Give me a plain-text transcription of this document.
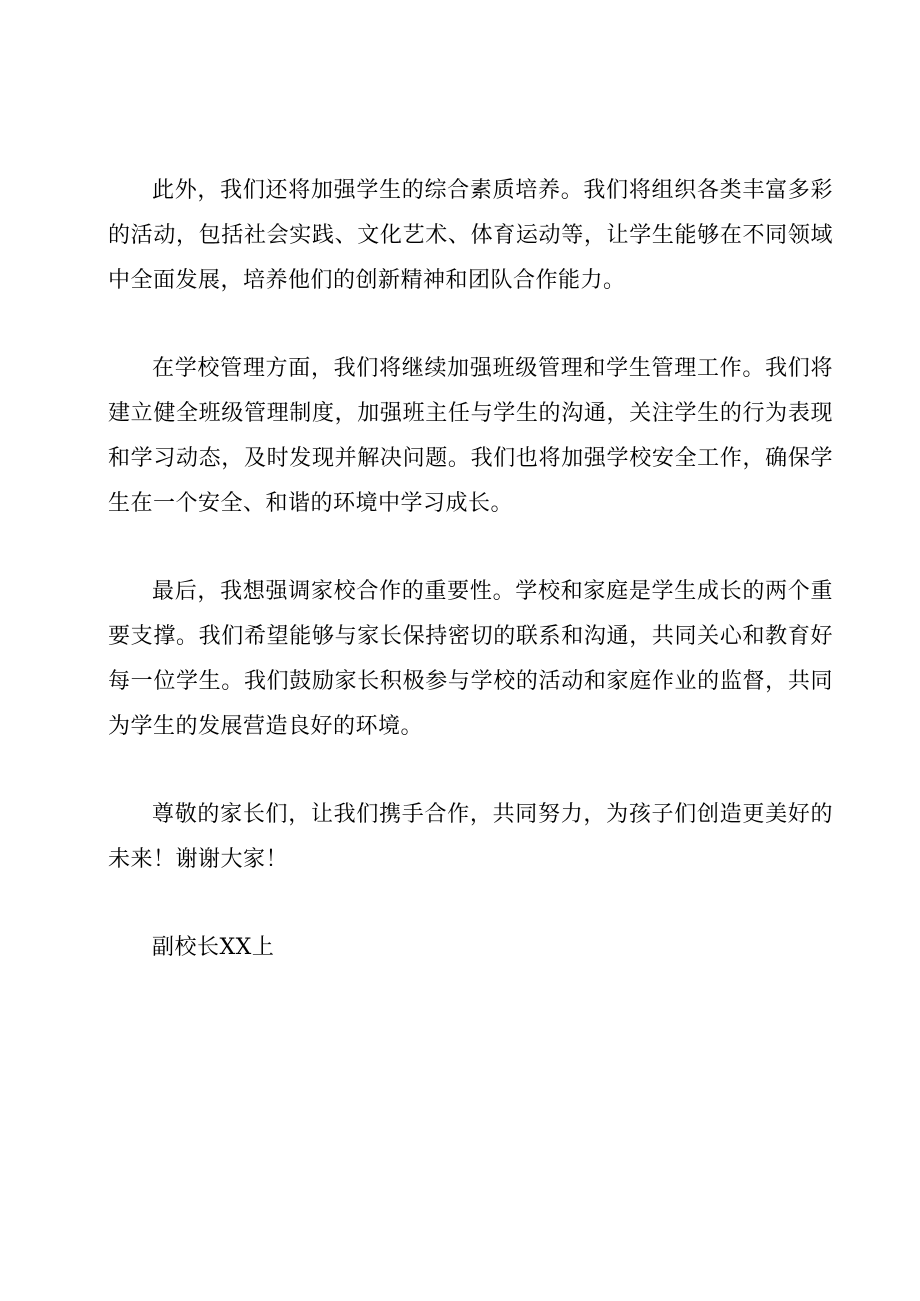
此外，我们还将加强学生的综合素质培养。我们将组织各类丰富多彩的活动，包括社会实践、文化艺术、体育运动等，让学生能够在不同领域中全面发展，培养他们的创新精神和团队合作能力。

在学校管理方面，我们将继续加强班级管理和学生管理工作。我们将建立健全班级管理制度，加强班主任与学生的沟通，关注学生的行为表现和学习动态，及时发现并解决问题。我们也将加强学校安全工作，确保学生在一个安全、和谐的环境中学习成长。

最后，我想强调家校合作的重要性。学校和家庭是学生成长的两个重要支撑。我们希望能够与家长保持密切的联系和沟通，共同关心和教育好每一位学生。我们鼓励家长积极参与学校的活动和家庭作业的监督，共同为学生的发展营造良好的环境。

尊敬的家长们，让我们携手合作，共同努力，为孩子们创造更美好的未来！谢谢大家！

副校长XX上
